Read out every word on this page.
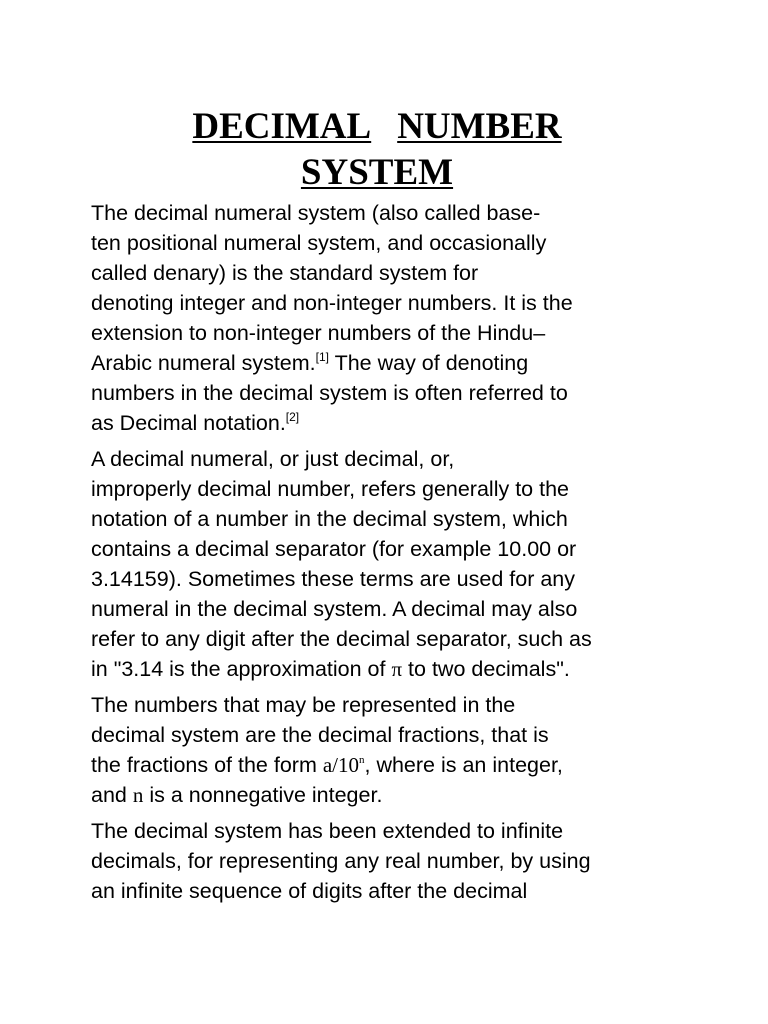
DECIMAL NUMBER
SYSTEM
The decimal numeral system (also called base-
ten positional numeral system, and occasionally
called denary) is the standard system for
denoting integer and non-integer numbers. It is the
extension to non-integer numbers of the Hindu–
Arabic numeral system.[1] The way of denoting
numbers in the decimal system is often referred to
as Decimal notation.[2]
A decimal numeral, or just decimal, or,
improperly decimal number, refers generally to the
notation of a number in the decimal system, which
contains a decimal separator (for example 10.00 or
3.14159). Sometimes these terms are used for any
numeral in the decimal system. A decimal may also
refer to any digit after the decimal separator, such as
in "3.14 is the approximation of π to two decimals".
The numbers that may be represented in the
decimal system are the decimal fractions, that is
the fractions of the form a/10$^n$, where is an integer,
and n is a nonnegative integer.
The decimal system has been extended to infinite
decimals, for representing any real number, by using
an infinite sequence of digits after the decimal
